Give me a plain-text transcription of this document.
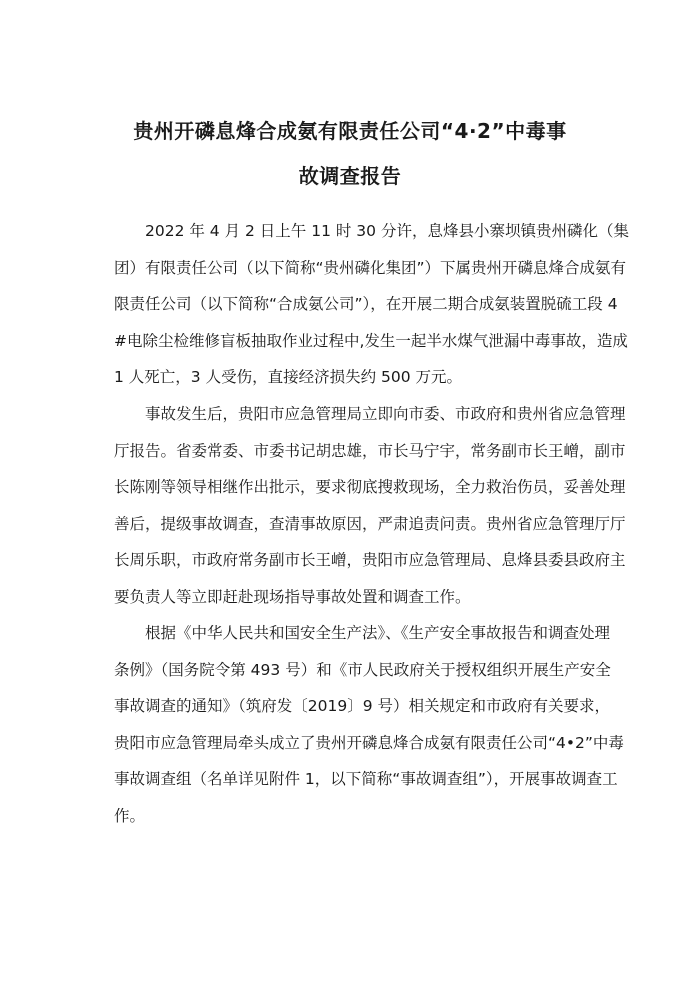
贵州开磷息烽合成氨有限责任公司“4·2”中毒事
故调查报告
2022 年 4 月 2 日上午 11 时 30 分许，息烽县小寨坝镇贵州磷化（集
团）有限责任公司（以下简称“贵州磷化集团”）下属贵州开磷息烽合成氨有
限责任公司（以下简称“合成氨公司”），在开展二期合成氨装置脱硫工段 4
#电除尘检维修盲板抽取作业过程中,发生一起半水煤气泄漏中毒事故，造成
1 人死亡，3 人受伤，直接经济损失约 500 万元。
事故发生后，贵阳市应急管理局立即向市委、市政府和贵州省应急管理
厅报告。省委常委、市委书记胡忠雄，市长马宁宇，常务副市长王嶒，副市
长陈刚等领导相继作出批示，要求彻底搜救现场，全力救治伤员，妥善处理
善后，提级事故调查，查清事故原因，严肃追责问责。贵州省应急管理厅厅
长周乐职，市政府常务副市长王嶒，贵阳市应急管理局、息烽县委县政府主
要负责人等立即赶赴现场指导事故处置和调查工作。
根据《中华人民共和国安全生产法》、《生产安全事故报告和调查处理
条例》（国务院令第 493 号）和《市人民政府关于授权组织开展生产安全
事故调查的通知》（筑府发〔2019〕9 号）相关规定和市政府有关要求，
贵阳市应急管理局牵头成立了贵州开磷息烽合成氨有限责任公司“4•2”中毒
事故调查组（名单详见附件 1，以下简称“事故调查组”），开展事故调查工
作。
